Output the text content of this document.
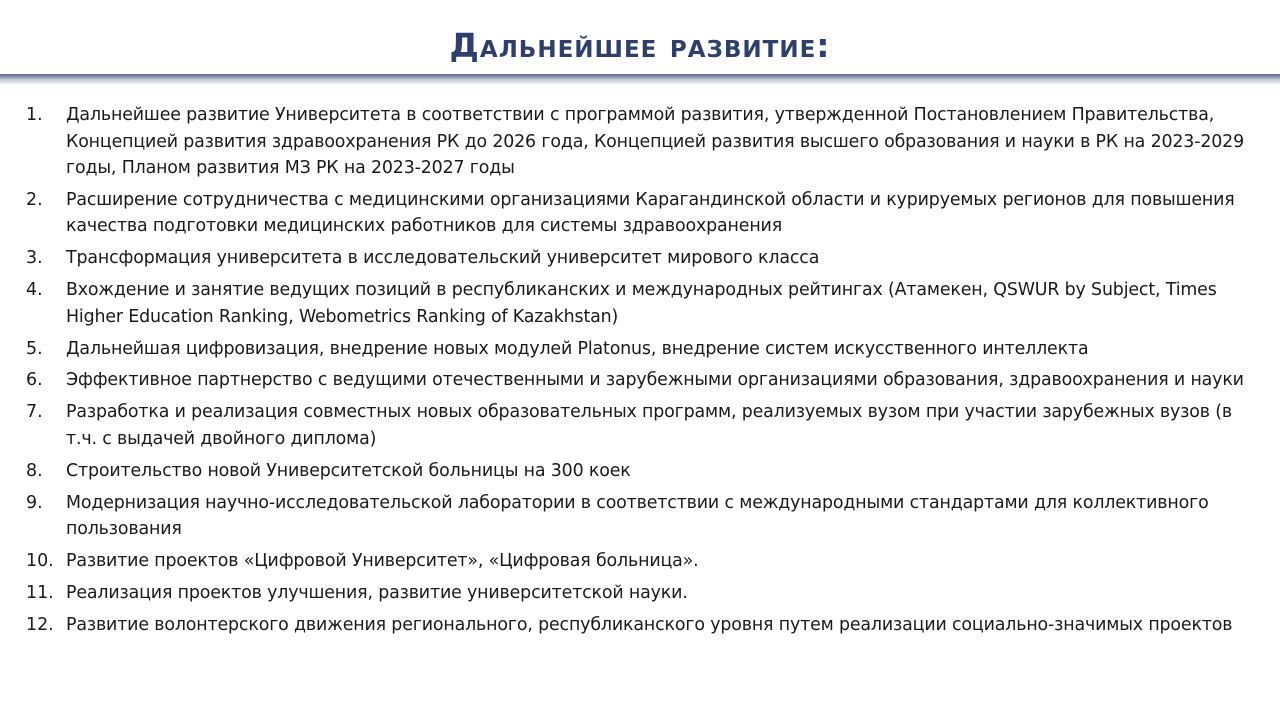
Дальнейшее развитие:
1.	Дальнейшее развитие Университета в соответствии с программой развития, утвержденной Постановлением Правительства, Концепцией развития здравоохранения РК до 2026 года, Концепцией развития высшего образования и науки в РК на 2023-2029 годы, Планом развития МЗ РК на 2023-2027 годы
2.	Расширение сотрудничества с медицинскими организациями Карагандинской области и курируемых регионов для повышения качества подготовки медицинских работников для системы здравоохранения
3.	Трансформация университета в исследовательский университет мирового класса
4.	Вхождение и занятие ведущих позиций в республиканских и международных рейтингах (Атамекен, QSWUR by Subject, Times Higher Education Ranking, Webometrics Ranking of Kazakhstan)
5.	Дальнейшая цифровизация, внедрение новых модулей Platonus, внедрение систем искусственного интеллекта
6.	Эффективное партнерство с ведущими отечественными и зарубежными организациями образования, здравоохранения и науки
7.	Разработка и реализация совместных новых образовательных программ, реализуемых вузом при участии зарубежных вузов (в т.ч. с выдачей двойного диплома)
8.	Строительство новой Университетской больницы на 300 коек
9.	Модернизация научно-исследовательской лаборатории в соответствии с международными стандартами для коллективного пользования
10. Развитие проектов «Цифровой Университет», «Цифровая больница».
11. Реализация проектов улучшения, развитие университетской науки.
12. Развитие волонтерского движения регионального, республиканского уровня путем реализации социально-значимых проектов
